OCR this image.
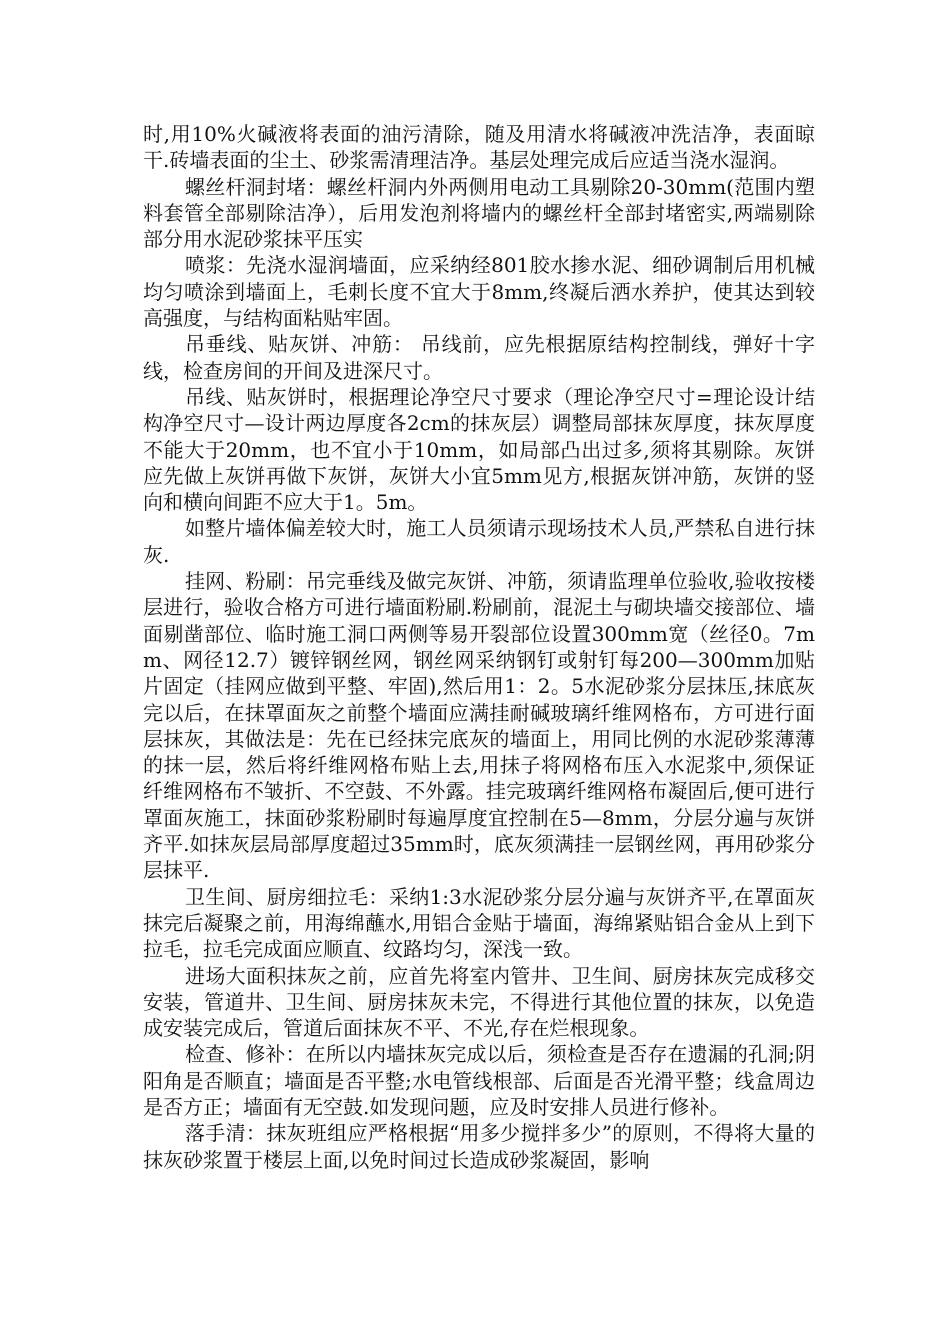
时,用10%火碱液将表面的油污清除，随及用清水将碱液冲洗洁净，表面晾干.砖墙表面的尘土、砂浆需清理洁净。基层处理完成后应适当浇水湿润。

螺丝杆洞封堵：螺丝杆洞内外两侧用电动工具剔除20-30mm(范围内塑料套管全部剔除洁净），后用发泡剂将墙内的螺丝杆全部封堵密实,两端剔除部分用水泥砂浆抹平压实

喷浆：先浇水湿润墙面，应采纳经801胶水掺水泥、细砂调制后用机械均匀喷涂到墙面上，毛刺长度不宜大于8mm,终凝后洒水养护，使其达到较高强度，与结构面粘贴牢固。

吊垂线、贴灰饼、冲筋： 吊线前，应先根据原结构控制线，弹好十字线，检查房间的开间及进深尺寸。

吊线、贴灰饼时，根据理论净空尺寸要求（理论净空尺寸=理论设计结构净空尺寸—设计两边厚度各2cm的抹灰层）调整局部抹灰厚度，抹灰厚度不能大于20mm，也不宜小于10mm，如局部凸出过多,须将其剔除。灰饼应先做上灰饼再做下灰饼，灰饼大小宜5mm见方,根据灰饼冲筋，灰饼的竖向和横向间距不应大于1。5m。

如整片墙体偏差较大时，施工人员须请示现场技术人员,严禁私自进行抹灰.

挂网、粉刷：吊完垂线及做完灰饼、冲筋，须请监理单位验收,验收按楼层进行，验收合格方可进行墙面粉刷.粉刷前，混泥土与砌块墙交接部位、墙面剔凿部位、临时施工洞口两侧等易开裂部位设置300mm宽（丝径0。7mm、网径12.7）镀锌钢丝网，钢丝网采纳钢钉或射钉每200—300mm加贴片固定（挂网应做到平整、牢固),然后用1：2。5水泥砂浆分层抹压,抹底灰完以后，在抹罩面灰之前整个墙面应满挂耐碱玻璃纤维网格布，方可进行面层抹灰，其做法是：先在已经抹完底灰的墙面上，用同比例的水泥砂浆薄薄的抹一层，然后将纤维网格布贴上去,用抹子将网格布压入水泥浆中,须保证纤维网格布不皱折、不空鼓、不外露。挂完玻璃纤维网格布凝固后,便可进行罩面灰施工，抹面砂浆粉刷时每遍厚度宜控制在5—8mm，分层分遍与灰饼齐平.如抹灰层局部厚度超过35mm时，底灰须满挂一层钢丝网，再用砂浆分层抹平.

卫生间、厨房细拉毛：采纳1:3水泥砂浆分层分遍与灰饼齐平,在罩面灰抹完后凝聚之前，用海绵蘸水,用铝合金贴于墙面，海绵紧贴铝合金从上到下拉毛，拉毛完成面应顺直、纹路均匀，深浅一致。

进场大面积抹灰之前，应首先将室内管井、卫生间、厨房抹灰完成移交安装，管道井、卫生间、厨房抹灰未完，不得进行其他位置的抹灰，以免造成安装完成后，管道后面抹灰不平、不光,存在烂根现象。

检查、修补：在所以内墙抹灰完成以后，须检查是否存在遗漏的孔洞;阴阳角是否顺直；墙面是否平整;水电管线根部、后面是否光滑平整；线盒周边是否方正；墙面有无空鼓.如发现问题，应及时安排人员进行修补。

落手清：抹灰班组应严格根据“用多少搅拌多少”的原则，不得将大量的抹灰砂浆置于楼层上面,以免时间过长造成砂浆凝固，影响
